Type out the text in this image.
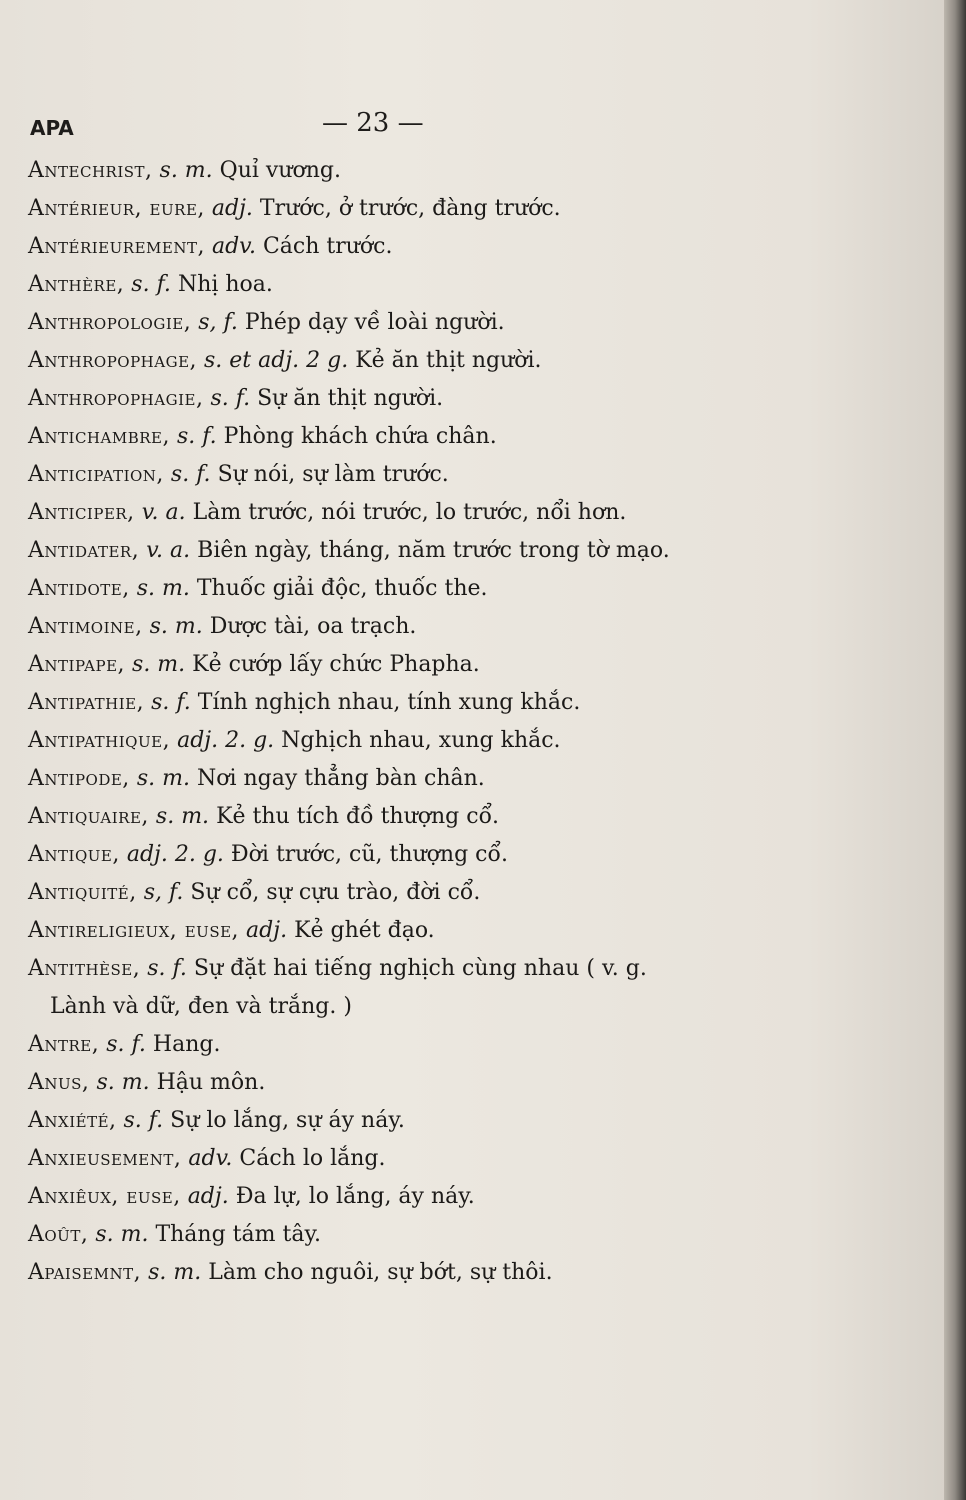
APA	— 23 —
Antechrist, s. m. Quỉ vương.
Antérieur, eure, adj. Trước, ở trước, đàng trước.
Antérieurement, adv. Cách trước.
Anthère, s. f. Nhị hoa.
Anthropologie, s, f. Phép dạy về loài người.
Anthropophage, s. et adj. 2 g. Kẻ ăn thịt người.
Anthropophagie, s. f. Sự ăn thịt người.
Antichambre, s. f. Phòng khách chứa chân.
Anticipation, s. f. Sự nói, sự làm trước.
Anticiper, v. a. Làm trước, nói trước, lo trước, nổi hơn.
Antidater, v. a. Biên ngày, tháng, năm trước trong tờ mạo.
Antidote, s. m. Thuốc giải độc, thuốc the.
Antimoine, s. m. Dược tài, oa trạch.
Antipape, s. m. Kẻ cướp lấy chức Phapha.
Antipathie, s. f. Tính nghịch nhau, tính xung khắc.
Antipathique, adj. 2. g. Nghịch nhau, xung khắc.
Antipode, s. m. Nơi ngay thẳng bàn chân.
Antiquaire, s. m. Kẻ thu tích đồ thượng cổ.
Antique, adj. 2. g. Đời trước, cũ, thượng cổ.
Antiquité, s, f. Sự cổ, sự cựu trào, đời cổ.
Antireligieux, euse, adj. Kẻ ghét đạo.
Antithèse, s. f. Sự đặt hai tiếng nghịch cùng nhau ( v. g.
Lành và dữ, đen và trắng. )
Antre, s. f. Hang.
Anus, s. m. Hậu môn.
Anxiété, s. f. Sự lo lắng, sự áy náy.
Anxieusement, adv. Cách lo lắng.
Anxiêux, euse, adj. Đa lự, lo lắng, áy náy.
Août, s. m. Tháng tám tây.
Apaisemnt, s. m. Làm cho nguôi, sự bớt, sự thôi.
